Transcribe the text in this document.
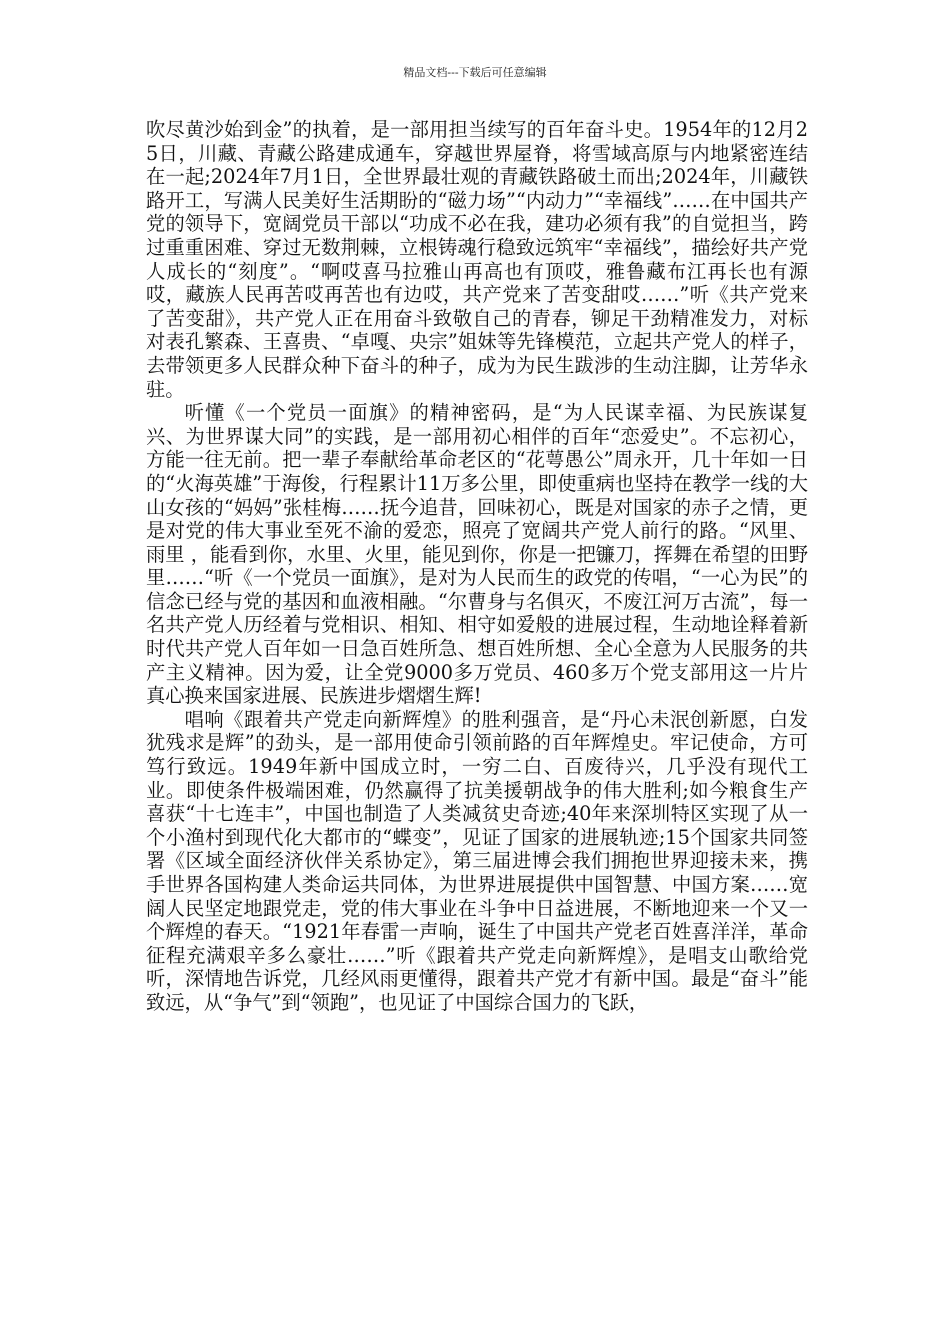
精品文档---下载后可任意编辑

吹尽黄沙始到金”的执着，是一部用担当续写的百年奋斗史。1954年的12月25日，川藏、青藏公路建成通车，穿越世界屋脊，将雪域高原与内地紧密连结在一起;2024年7月1日，全世界最壮观的青藏铁路破土而出;2024年，川藏铁路开工，写满人民美好生活期盼的“磁力场”“内动力”“幸福线”……在中国共产党的领导下，宽阔党员干部以“功成不必在我，建功必须有我”的自觉担当，跨过重重困难、穿过无数荆棘，立根铸魂行稳致远筑牢“幸福线”，描绘好共产党人成长的“刻度”。“啊哎喜马拉雅山再高也有顶哎，雅鲁藏布江再长也有源哎，藏族人民再苦哎再苦也有边哎，共产党来了苦变甜哎……”听《共产党来了苦变甜》，共产党人正在用奋斗致敬自己的青春，铆足干劲精准发力，对标对表孔繁森、王喜贵、“卓嘎、央宗”姐妹等先锋模范，立起共产党人的样子，去带领更多人民群众种下奋斗的种子，成为为民生跋涉的生动注脚，让芳华永驻。

听懂《一个党员一面旗》的精神密码，是“为人民谋幸福、为民族谋复兴、为世界谋大同”的实践，是一部用初心相伴的百年“恋爱史”。不忘初心，方能一往无前。把一辈子奉献给革命老区的“花萼愚公”周永开，几十年如一日的“火海英雄”于海俊，行程累计11万多公里，即使重病也坚持在教学一线的大山女孩的“妈妈”张桂梅……抚今追昔，回味初心，既是对国家的赤子之情，更是对党的伟大事业至死不渝的爱恋，照亮了宽阔共产党人前行的路。“风里、雨里 ，能看到你，水里、火里，能见到你，你是一把镰刀，挥舞在希望的田野里……“听《一个党员一面旗》，是对为人民而生的政党的传唱，“一心为民”的信念已经与党的基因和血液相融。“尔曹身与名俱灭，不废江河万古流”，每一名共产党人历经着与党相识、相知、相守如爱般的进展过程，生动地诠释着新时代共产党人百年如一日急百姓所急、想百姓所想、全心全意为人民服务的共产主义精神。因为爱，让全党9000多万党员、460多万个党支部用这一片片真心换来国家进展、民族进步熠熠生辉!

唱响《跟着共产党走向新辉煌》的胜利强音，是“丹心未泯创新愿，白发犹残求是辉”的劲头，是一部用使命引领前路的百年辉煌史。牢记使命，方可笃行致远。1949年新中国成立时，一穷二白、百废待兴，几乎没有现代工业。即使条件极端困难，仍然赢得了抗美援朝战争的伟大胜利;如今粮食生产喜获“十七连丰”，中国也制造了人类减贫史奇迹;40年来深圳特区实现了从一个小渔村到现代化大都市的“蝶变”，见证了国家的进展轨迹;15个国家共同签署《区域全面经济伙伴关系协定》，第三届进博会我们拥抱世界迎接未来，携手世界各国构建人类命运共同体，为世界进展提供中国智慧、中国方案……宽阔人民坚定地跟党走，党的伟大事业在斗争中日益进展，不断地迎来一个又一个辉煌的春天。“1921年春雷一声响，诞生了中国共产党老百姓喜洋洋，革命征程充满艰辛多么豪壮……”听《跟着共产党走向新辉煌》，是唱支山歌给党听，深情地告诉党，几经风雨更懂得，跟着共产党才有新中国。最是“奋斗”能致远，从“争气”到“领跑”，也见证了中国综合国力的飞跃，
